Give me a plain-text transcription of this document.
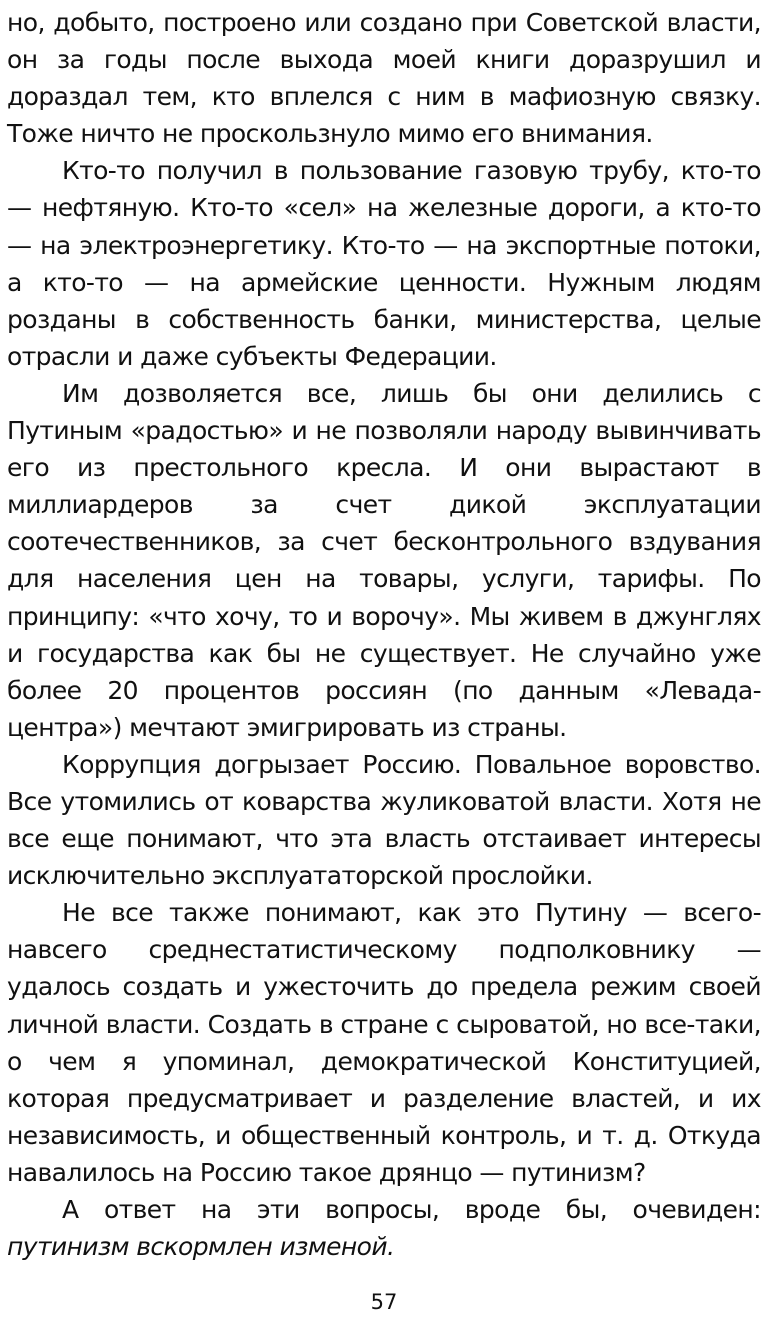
но, добыто, построено или создано при Советской власти, он за годы после выхода моей книги доразрушил и дораздал тем, кто вплелся с ним в мафиозную связку. Тоже ничто не проскользнуло мимо его внимания.

Кто-то получил в пользование газовую трубу, кто-то — нефтяную. Кто-то «сел» на железные дороги, а кто-то — на электроэнергетику. Кто-то — на экспортные потоки, а кто-то — на армейские ценности. Нужным людям розданы в собственность банки, министерства, целые отрасли и даже субъекты Федерации.

Им дозволяется все, лишь бы они делились с Путиным «радостью» и не позволяли народу вывинчивать его из престольного кресла. И они вырастают в миллиардеров за счет дикой эксплуатации соотечественников, за счет бесконтрольного вздувания для населения цен на товары, услуги, тарифы. По принципу: «что хочу, то и ворочу». Мы живем в джунглях и государства как бы не существует. Не случайно уже более 20 процентов россиян (по данным «Левада-центра») мечтают эмигрировать из страны.

Коррупция догрызает Россию. Повальное воровство. Все утомились от коварства жуликоватой власти. Хотя не все еще понимают, что эта власть отстаивает интересы исключительно эксплуататорской прослойки.

Не все также понимают, как это Путину — всего-навсего среднестатистическому подполковнику — удалось создать и ужесточить до предела режим своей личной власти. Создать в стране с сыроватой, но все-таки, о чем я упоминал, демократической Конституцией, которая предусматривает и разделение властей, и их независимость, и общественный контроль, и т. д. Откуда навалилось на Россию такое дрянцо — путинизм?

А ответ на эти вопросы, вроде бы, очевиден: путинизм вскормлен изменой.

57
